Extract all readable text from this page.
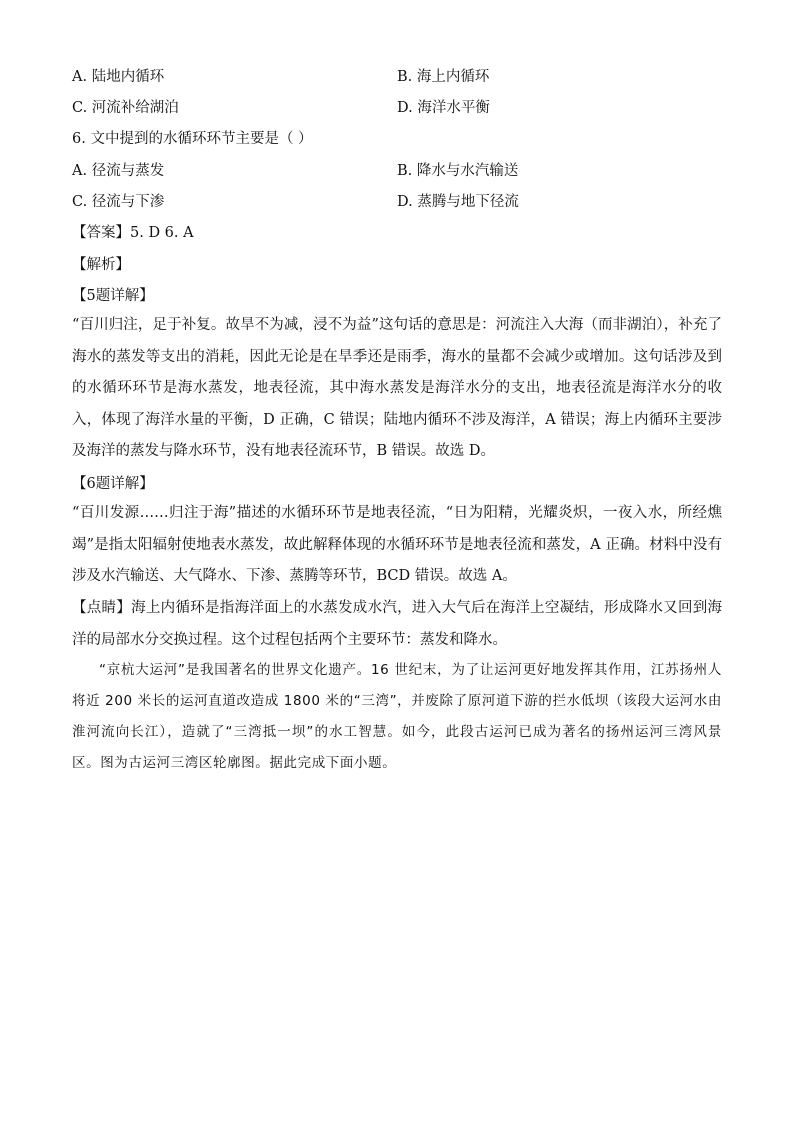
A. 陆地内循环	B. 海上内循环
C. 河流补给湖泊	D. 海洋水平衡
6. 文中提到的水循环环节主要是（ ）
A. 径流与蒸发	B. 降水与水汽输送
C. 径流与下渗	D. 蒸腾与地下径流
【答案】5. D 6. A
【解析】
【5题详解】
“百川归注，足于补复。故旱不为减，浸不为益”这句话的意思是：河流注入大海（而非湖泊），补充了海水的蒸发等支出的消耗，因此无论是在旱季还是雨季，海水的量都不会减少或增加。这句话涉及到的水循环环节是海水蒸发，地表径流，其中海水蒸发是海洋水分的支出，地表径流是海洋水分的收入，体现了海洋水量的平衡，D 正确，C 错误；陆地内循环不涉及海洋，A 错误；海上内循环主要涉及海洋的蒸发与降水环节，没有地表径流环节，B 错误。故选 D。
【6题详解】
“百川发源……归注于海”描述的水循环环节是地表径流，“日为阳精，光耀炎炽，一夜入水，所经燋竭”是指太阳辐射使地表水蒸发，故此解释体现的水循环环节是地表径流和蒸发，A 正确。材料中没有涉及水汽输送、大气降水、下渗、蒸腾等环节，BCD 错误。故选 A。
【点睛】海上内循环是指海洋面上的水蒸发成水汽，进入大气后在海洋上空凝结，形成降水又回到海洋的局部水分交换过程。这个过程包括两个主要环节：蒸发和降水。
“京杭大运河”是我国著名的世界文化遗产。16 世纪末，为了让运河更好地发挥其作用，江苏扬州人将近 200 米长的运河直道改造成 1800 米的“三湾”，并废除了原河道下游的拦水低坝（该段大运河水由淮河流向长江），造就了“三湾抵一坝”的水工智慧。如今，此段古运河已成为著名的扬州运河三湾风景区。图为古运河三湾区轮廓图。据此完成下面小题。
